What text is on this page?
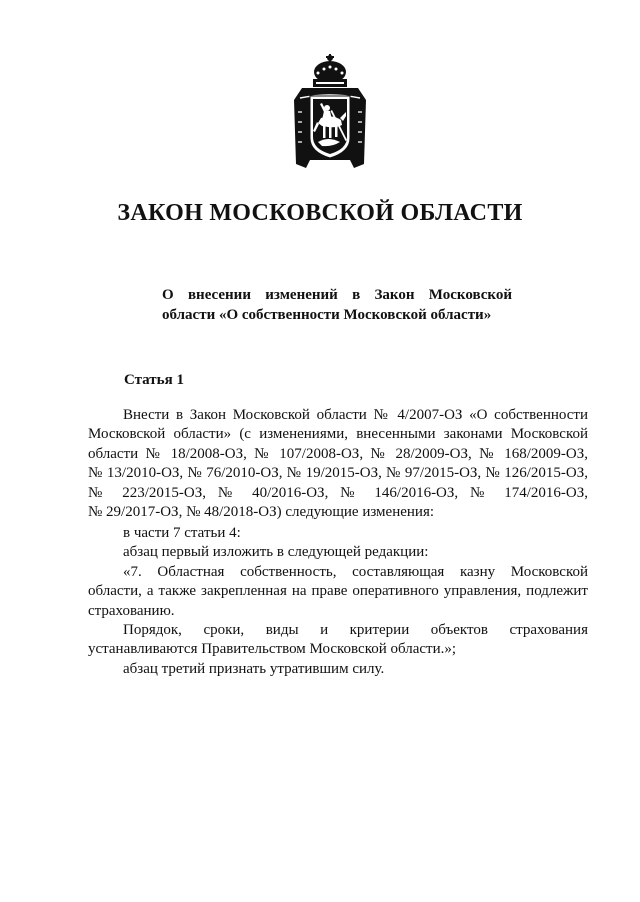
ЗАКОН МОСКОВСКОЙ ОБЛАСТИ
О внесении изменений в Закон Московской
области «О собственности Московской области»
Статья 1
Внести в Закон Московской области № 4/2007-ОЗ «О собственности
Московской области» (с изменениями, внесенными законами Московской
области № 18/2008-ОЗ, № 107/2008-ОЗ, № 28/2009-ОЗ, № 168/2009-ОЗ,
№ 13/2010-ОЗ, № 76/2010-ОЗ, № 19/2015-ОЗ, № 97/2015-ОЗ, № 126/2015-ОЗ,
№ 223/2015-ОЗ, № 40/2016-ОЗ, № 146/2016-ОЗ, № 174/2016-ОЗ,
№ 29/2017-ОЗ, № 48/2018-ОЗ) следующие изменения:
в части 7 статьи 4:
абзац первый изложить в следующей редакции:
«7. Областная собственность, составляющая казну Московской
области, а также закрепленная на праве оперативного управления, подлежит
страхованию.
Порядок, сроки, виды и критерии объектов страхования
устанавливаются Правительством Московской области.»;
абзац третий признать утратившим силу.
